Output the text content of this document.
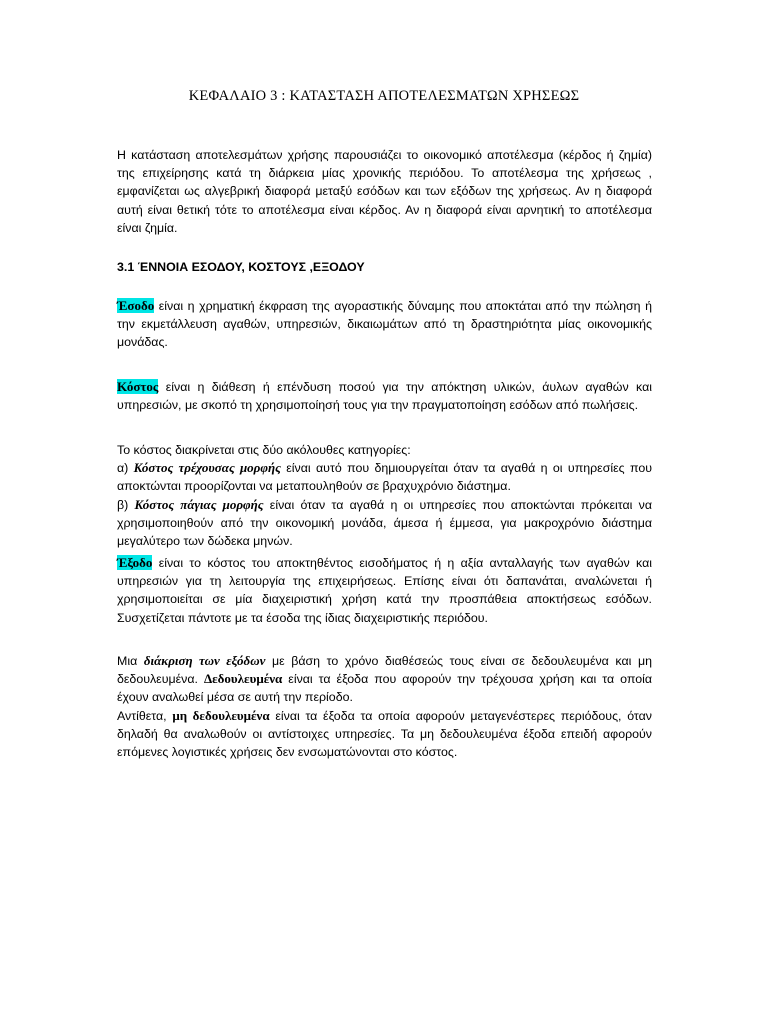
ΚΕΦΑΛΑΙΟ 3 : ΚΑΤΑΣΤΑΣΗ ΑΠΟΤΕΛΕΣΜΑΤΩΝ ΧΡΗΣΕΩΣ

Η κατάσταση αποτελεσμάτων χρήσης παρουσιάζει το οικονομικό αποτέλεσμα (κέρδος ή ζημία) της επιχείρησης κατά τη διάρκεια μίας χρονικής περιόδου. Το αποτέλεσμα της χρήσεως , εμφανίζεται ως αλγεβρική διαφορά μεταξύ εσόδων και των εξόδων της χρήσεως. Αν η διαφορά αυτή είναι θετική τότε το αποτέλεσμα είναι κέρδος. Αν η διαφορά είναι αρνητική το αποτέλεσμα είναι ζημία.

3.1 ΈΝΝΟΙΑ ΕΣΟΔΟΥ, ΚΟΣΤΟΥΣ ,ΕΞΟΔΟΥ

Έσοδο είναι η χρηματική έκφραση της αγοραστικής δύναμης που αποκτάται από την πώληση ή την εκμετάλλευση αγαθών, υπηρεσιών, δικαιωμάτων από τη δραστηριότητα μίας οικονομικής μονάδας.

Κόστος είναι η διάθεση ή επένδυση ποσού για την απόκτηση υλικών, άυλων αγαθών και υπηρεσιών, με σκοπό τη χρησιμοποίησή τους για την πραγματοποίηση εσόδων από πωλήσεις.

Το κόστος διακρίνεται στις δύο ακόλουθες κατηγορίες:
α) Κόστος τρέχουσας μορφής είναι αυτό που δημιουργείται όταν τα αγαθά η οι υπηρεσίες που αποκτώνται προορίζονται να μεταπουληθούν σε βραχυχρόνιο διάστημα.
β) Κόστος πάγιας μορφής είναι όταν τα αγαθά η οι υπηρεσίες που αποκτώνται πρόκειται να χρησιμοποιηθούν από την οικονομική μονάδα, άμεσα ή έμμεσα, για μακροχρόνιο διάστημα μεγαλύτερο των δώδεκα μηνών.

Έξοδο είναι το κόστος του αποκτηθέντος εισοδήματος ή η αξία ανταλλαγής των αγαθών και υπηρεσιών για τη λειτουργία της επιχειρήσεως. Επίσης είναι ότι δαπανάται, αναλώνεται ή χρησιμοποιείται σε μία διαχειριστική χρήση κατά την προσπάθεια αποκτήσεως εσόδων. Συσχετίζεται πάντοτε με τα έσοδα της ίδιας διαχειριστικής περιόδου.

Μια διάκριση των εξόδων με βάση το χρόνο διαθέσεώς τους είναι σε δεδουλευμένα και μη δεδουλευμένα. Δεδουλευμένα είναι τα έξοδα που αφορούν την τρέχουσα χρήση και τα οποία έχουν αναλωθεί μέσα σε αυτή την περίοδο.
Αντίθετα, μη δεδουλευμένα είναι τα έξοδα τα οποία αφορούν μεταγενέστερες περιόδους, όταν δηλαδή θα αναλωθούν οι αντίστοιχες υπηρεσίες. Τα μη δεδουλευμένα έξοδα επειδή αφορούν επόμενες λογιστικές χρήσεις δεν ενσωματώνονται στο κόστος.
